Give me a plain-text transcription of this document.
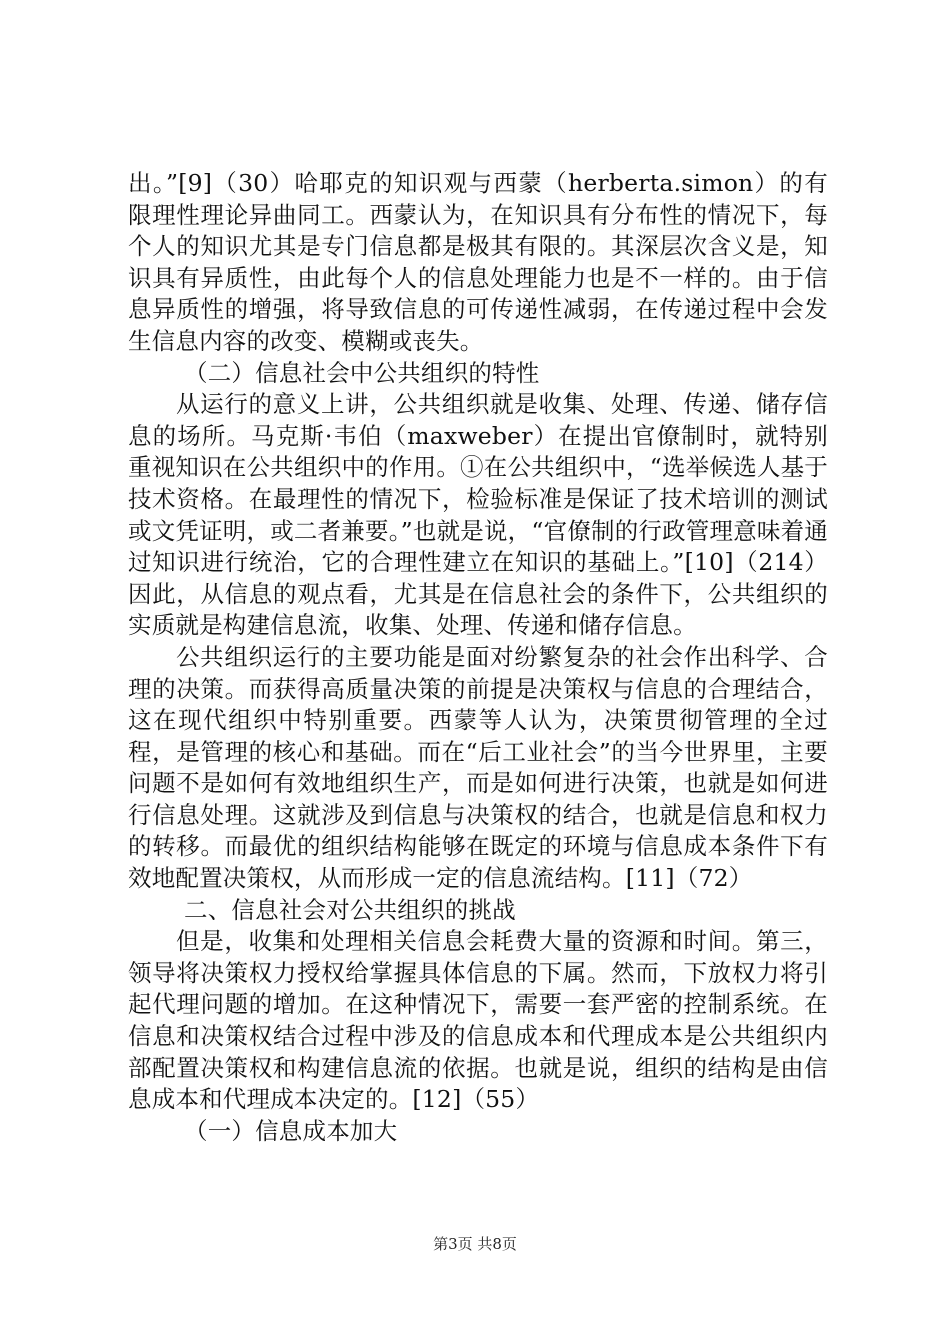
出。”[9]（30）哈耶克的知识观与西蒙（herberta.simon）的有限理性理论异曲同工。西蒙认为，在知识具有分布性的情况下，每个人的知识尤其是专门信息都是极其有限的。其深层次含义是，知识具有异质性，由此每个人的信息处理能力也是不一样的。由于信息异质性的增强，将导致信息的可传递性减弱，在传递过程中会发生信息内容的改变、模糊或丧失。

（二）信息社会中公共组织的特性

从运行的意义上讲，公共组织就是收集、处理、传递、储存信息的场所。马克斯·韦伯（maxweber）在提出官僚制时，就特别重视知识在公共组织中的作用。①在公共组织中，“选举候选人基于技术资格。在最理性的情况下，检验标准是保证了技术培训的测试或文凭证明，或二者兼要。”也就是说，“官僚制的行政管理意味着通过知识进行统治，它的合理性建立在知识的基础上。”[10]（214）因此，从信息的观点看，尤其是在信息社会的条件下，公共组织的实质就是构建信息流，收集、处理、传递和储存信息。

公共组织运行的主要功能是面对纷繁复杂的社会作出科学、合理的决策。而获得高质量决策的前提是决策权与信息的合理结合，这在现代组织中特别重要。西蒙等人认为，决策贯彻管理的全过程，是管理的核心和基础。而在“后工业社会”的当今世界里，主要问题不是如何有效地组织生产，而是如何进行决策，也就是如何进行信息处理。这就涉及到信息与决策权的结合，也就是信息和权力的转移。而最优的组织结构能够在既定的环境与信息成本条件下有效地配置决策权，从而形成一定的信息流结构。[11]（72）

二、信息社会对公共组织的挑战

但是，收集和处理相关信息会耗费大量的资源和时间。第三，领导将决策权力授权给掌握具体信息的下属。然而，下放权力将引起代理问题的增加。在这种情况下，需要一套严密的控制系统。在信息和决策权结合过程中涉及的信息成本和代理成本是公共组织内部配置决策权和构建信息流的依据。也就是说，组织的结构是由信息成本和代理成本决定的。[12]（55）

（一）信息成本加大

第3页 共8页
